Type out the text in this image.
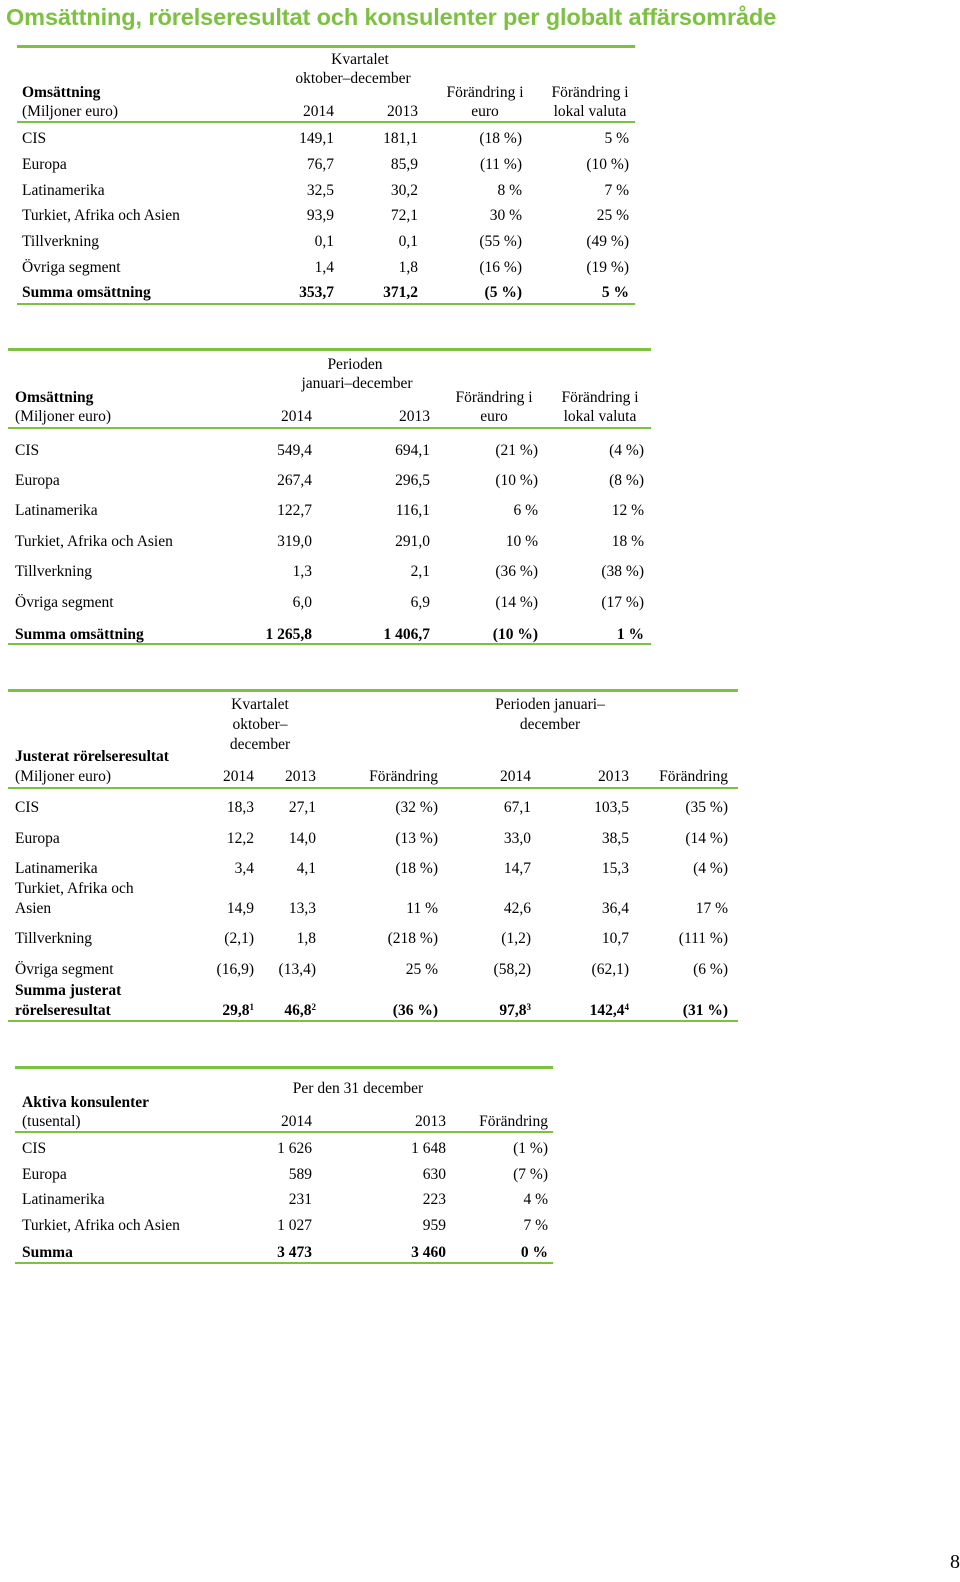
Omsättning, rörelseresultat och konsulenter per globalt affärsområde
Kvartalet
oktober–december
Omsättning	Förändring i	Förändring i
(Miljoner euro)	2014	2013	euro	lokal valuta
CIS	149,1	181,1	(18 %)	5 %
Europa	76,7	85,9	(11 %)	(10 %)
Latinamerika	32,5	30,2	8 %	7 %
Turkiet, Afrika och Asien	93,9	72,1	30 %	25 %
Tillverkning	0,1	0,1	(55 %)	(49 %)
Övriga segment	1,4	1,8	(16 %)	(19 %)
Summa omsättning	353,7	371,2	(5 %)	5 %
Perioden
januari–december
Omsättning	Förändring i	Förändring i
(Miljoner euro)	2014	2013	euro	lokal valuta
CIS	549,4	694,1	(21 %)	(4 %)
Europa	267,4	296,5	(10 %)	(8 %)
Latinamerika	122,7	116,1	6 %	12 %
Turkiet, Afrika och Asien	319,0	291,0	10 %	18 %
Tillverkning	1,3	2,1	(36 %)	(38 %)
Övriga segment	6,0	6,9	(14 %)	(17 %)
Summa omsättning	1 265,8	1 406,7	(10 %)	1 %
Kvartalet
oktober–
december
Perioden januari–
december
Justerat rörelseresultat
(Miljoner euro)	2014	2013	Förändring	2014	2013	Förändring
CIS	18,3	27,1	(32 %)	67,1	103,5	(35 %)
Europa	12,2	14,0	(13 %)	33,0	38,5	(14 %)
Latinamerika	3,4	4,1	(18 %)	14,7	15,3	(4 %)
Turkiet, Afrika och
Asien	14,9	13,3	11 %	42,6	36,4	17 %
Tillverkning	(2,1)	1,8	(218 %)	(1,2)	10,7	(111 %)
Övriga segment	(16,9)	(13,4)	25 %	(58,2)	(62,1)	(6 %)
Summa justerat
rörelseresultat	29,8$^1$	46,8$^2$	(36 %)	97,8$^3$	142,4$^4$	(31 %)
Per den 31 december
Aktiva konsulenter
(tusental)	2014	2013	Förändring
CIS	1 626	1 648	(1 %)
Europa	589	630	(7 %)
Latinamerika	231	223	4 %
Turkiet, Afrika och Asien	1 027	959	7 %
Summa	3 473	3 460	0 %
8
